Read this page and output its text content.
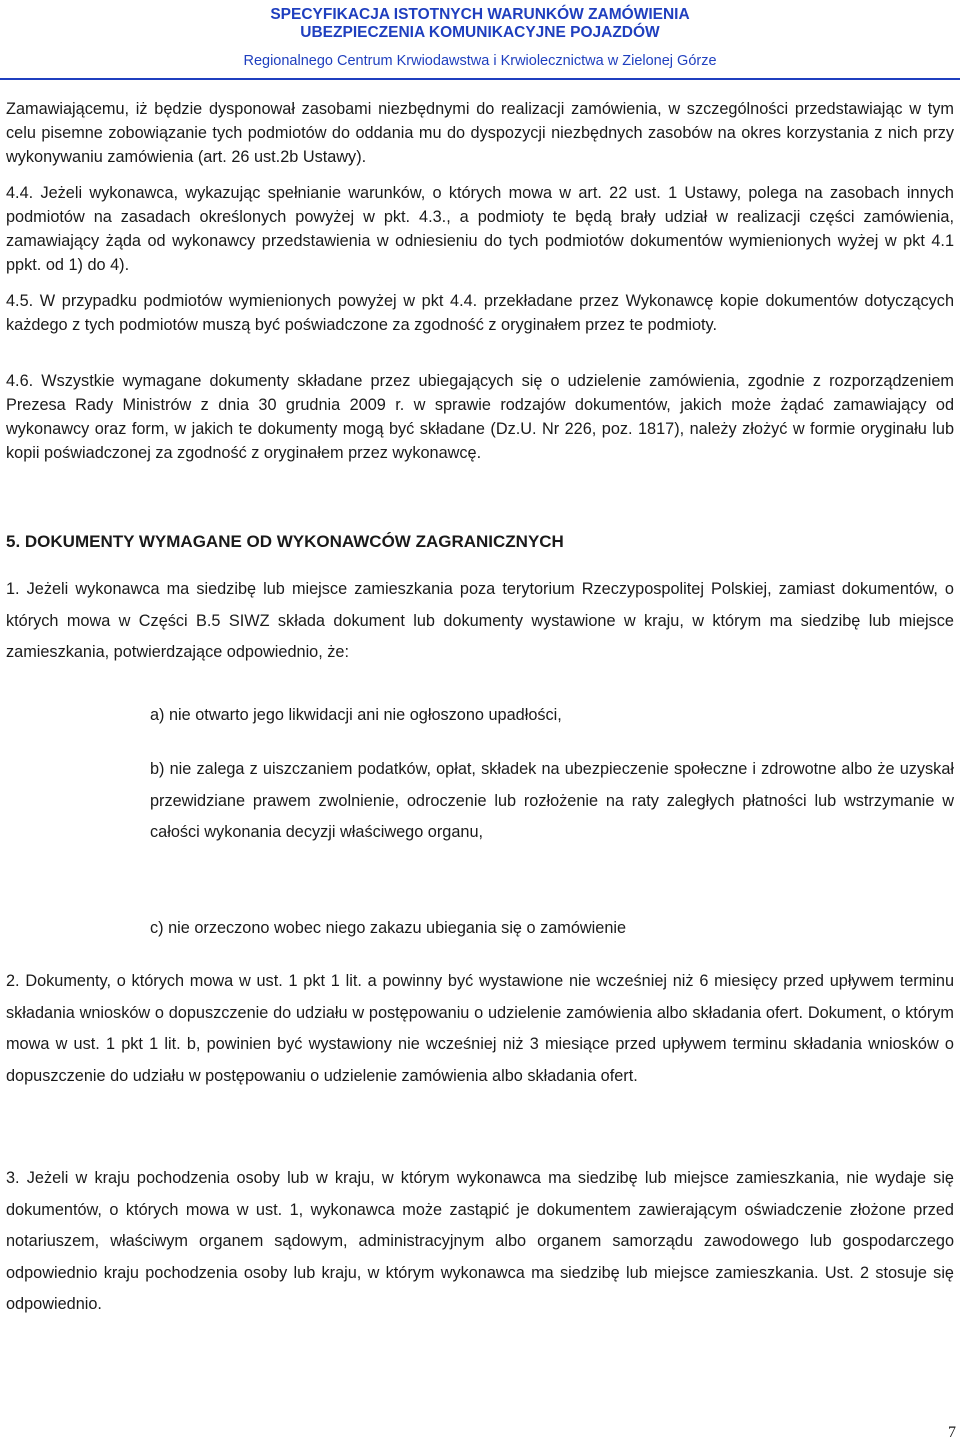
SPECYFIKACJA ISTOTNYCH WARUNKÓW ZAMÓWIENIA
UBEZPIECZENIA KOMUNIKACYJNE POJAZDÓW
Regionalnego Centrum Krwiodawstwa i Krwiolecznictwa w Zielonej Górze
Zamawiającemu, iż będzie dysponował zasobami niezbędnymi do realizacji zamówienia, w szczególności przedstawiając w tym celu pisemne zobowiązanie tych podmiotów do oddania mu do dyspozycji niezbędnych zasobów na okres korzystania z nich przy wykonywaniu zamówienia (art. 26 ust.2b Ustawy).
4.4. Jeżeli wykonawca, wykazując spełnianie warunków, o których mowa w art. 22 ust. 1 Ustawy, polega na zasobach innych podmiotów na zasadach określonych powyżej w pkt. 4.3., a podmioty te będą brały udział w realizacji części zamówienia, zamawiający żąda od wykonawcy przedstawienia w odniesieniu do tych podmiotów dokumentów wymienionych wyżej w pkt 4.1 ppkt. od 1) do 4).
4.5. W przypadku podmiotów wymienionych powyżej w pkt 4.4. przekładane przez Wykonawcę kopie dokumentów dotyczących każdego z tych podmiotów muszą być poświadczone za zgodność z oryginałem przez te podmioty.
4.6. Wszystkie wymagane dokumenty składane przez ubiegających się o udzielenie zamówienia, zgodnie z rozporządzeniem Prezesa Rady Ministrów z dnia 30 grudnia 2009 r. w sprawie rodzajów dokumentów, jakich może żądać zamawiający od wykonawcy oraz form, w jakich te dokumenty mogą być składane (Dz.U. Nr 226, poz. 1817), należy złożyć w formie oryginału lub kopii poświadczonej za zgodność z oryginałem przez wykonawcę.
5. DOKUMENTY WYMAGANE OD WYKONAWCÓW ZAGRANICZNYCH
1. Jeżeli wykonawca ma siedzibę lub miejsce zamieszkania poza terytorium Rzeczypospolitej Polskiej, zamiast dokumentów, o których mowa w Części B.5 SIWZ składa dokument lub dokumenty wystawione w kraju, w którym ma siedzibę lub miejsce zamieszkania, potwierdzające odpowiednio, że:
a) nie otwarto jego likwidacji ani nie ogłoszono upadłości,
b) nie zalega z uiszczaniem podatków, opłat, składek na ubezpieczenie społeczne i zdrowotne albo że uzyskał przewidziane prawem zwolnienie, odroczenie lub rozłożenie na raty zaległych płatności lub wstrzymanie w całości wykonania decyzji właściwego organu,
c) nie orzeczono wobec niego zakazu ubiegania się o zamówienie
2. Dokumenty, o których mowa w ust. 1 pkt 1 lit. a powinny być wystawione nie wcześniej niż 6 miesięcy przed upływem terminu składania wniosków o dopuszczenie do udziału w postępowaniu o udzielenie zamówienia albo składania ofert. Dokument, o którym mowa w ust. 1 pkt 1 lit. b, powinien być wystawiony nie wcześniej niż 3 miesiące przed upływem terminu składania wniosków o dopuszczenie do udziału w postępowaniu o udzielenie zamówienia albo składania ofert.
3. Jeżeli w kraju pochodzenia osoby lub w kraju, w którym wykonawca ma siedzibę lub miejsce zamieszkania, nie wydaje się dokumentów, o których mowa w ust. 1, wykonawca może zastąpić je dokumentem zawierającym oświadczenie złożone przed notariuszem, właściwym organem sądowym, administracyjnym albo organem samorządu zawodowego lub gospodarczego odpowiednio kraju pochodzenia osoby lub kraju, w którym wykonawca ma siedzibę lub miejsce zamieszkania. Ust. 2 stosuje się odpowiednio.
7
